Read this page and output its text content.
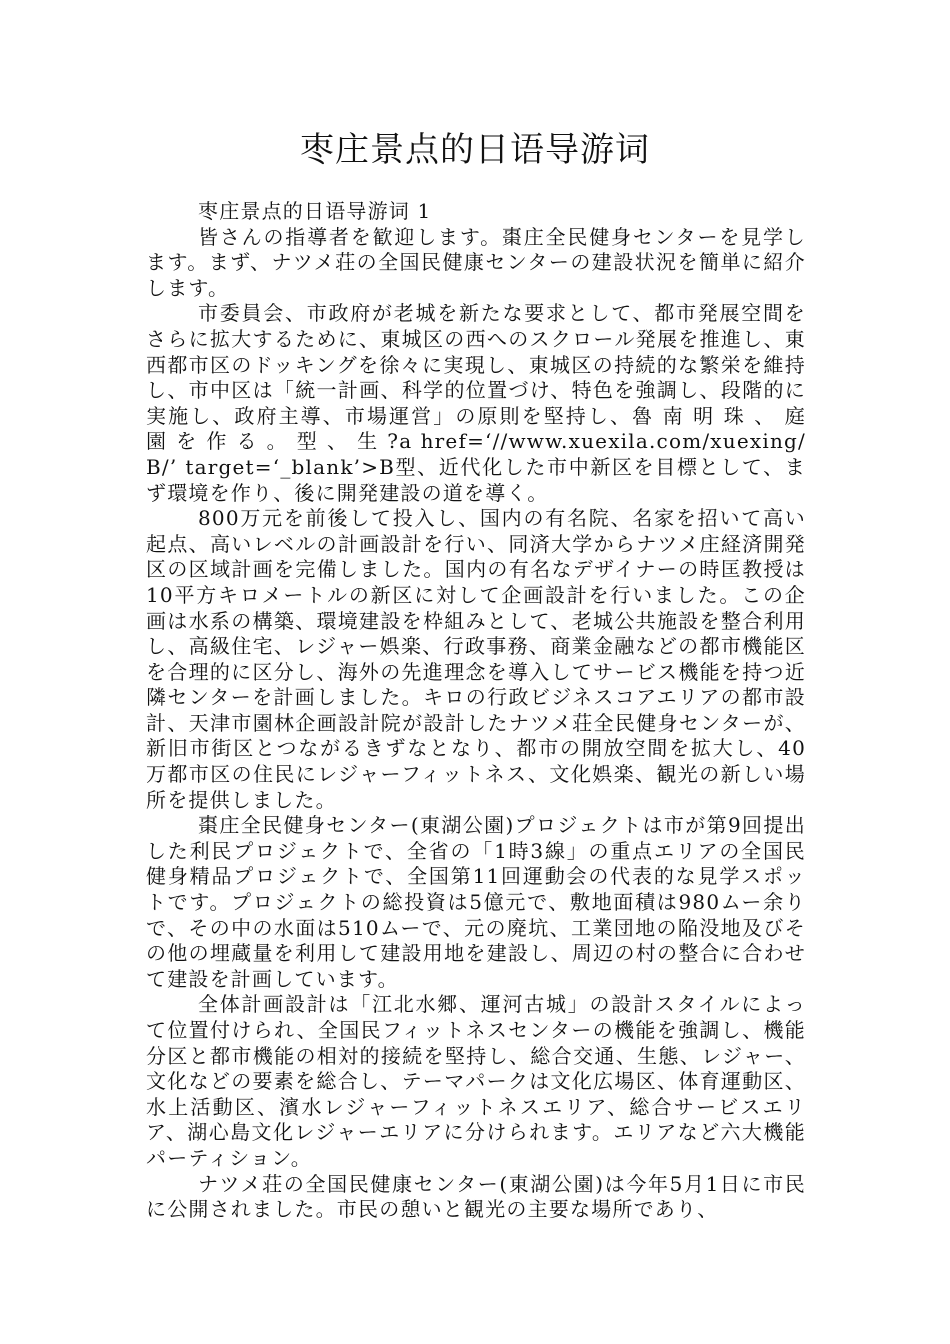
枣庄景点的日语导游词

枣庄景点的日语导游词 1

皆さんの指導者を歓迎します。棗庄全民健身センターを見学します。まず、ナツメ荘の全国民健康センターの建設状況を簡単に紹介します。

市委員会、市政府が老城を新たな要求として、都市発展空間をさらに拡大するために、東城区の西へのスクロール発展を推進し、東西都市区のドッキングを徐々に実現し、東城区の持続的な繁栄を維持し、市中区は「統一計画、科学的位置づけ、特色を強調し、段階的に実施し、政府主導、市場運営」の原則を堅持し、魯 南 明 珠 、 庭 園 を 作 る 。 型 、 生 ?a href=‘//www.xuexila.com/xuexing/B/’ target=‘_blank’>B型、近代化した市中新区を目標として、まず環境を作り、後に開発建設の道を導く。

800万元を前後して投入し、国内の有名院、名家を招いて高い起点、高いレベルの計画設計を行い、同済大学からナツメ庄経済開発区の区域計画を完備しました。国内の有名なデザイナーの時匡教授は10平方キロメートルの新区に対して企画設計を行いました。この企画は水系の構築、環境建設を枠組みとして、老城公共施設を整合利用し、高級住宅、レジャー娯楽、行政事務、商業金融などの都市機能区を合理的に区分し、海外の先進理念を導入してサービス機能を持つ近隣センターを計画しました。キロの行政ビジネスコアエリアの都市設計、天津市園林企画設計院が設計したナツメ荘全民健身センターが、新旧市街区とつながるきずなとなり、都市の開放空間を拡大し、40万都市区の住民にレジャーフィットネス、文化娯楽、観光の新しい場所を提供しました。

棗庄全民健身センター(東湖公園)プロジェクトは市が第9回提出した利民プロジェクトで、全省の「1時3線」の重点エリアの全国民健身精品プロジェクトで、全国第11回運動会の代表的な見学スポットです。プロジェクトの総投資は5億元で、敷地面積は980ムー余りで、その中の水面は510ムーで、元の廃坑、工業団地の陥没地及びその他の埋蔵量を利用して建設用地を建設し、周辺の村の整合に合わせて建設を計画しています。

全体計画設計は「江北水郷、運河古城」の設計スタイルによって位置付けられ、全国民フィットネスセンターの機能を強調し、機能分区と都市機能の相対的接続を堅持し、総合交通、生態、レジャー、文化などの要素を総合し、テーマパークは文化広場区、体育運動区、水上活動区、濱水レジャーフィットネスエリア、総合サービスエリア、湖心島文化レジャーエリアに分けられます。エリアなど六大機能パーティション。

ナツメ荘の全国民健康センター(東湖公園)は今年5月1日に市民に公開されました。市民の憩いと観光の主要な場所であり、
